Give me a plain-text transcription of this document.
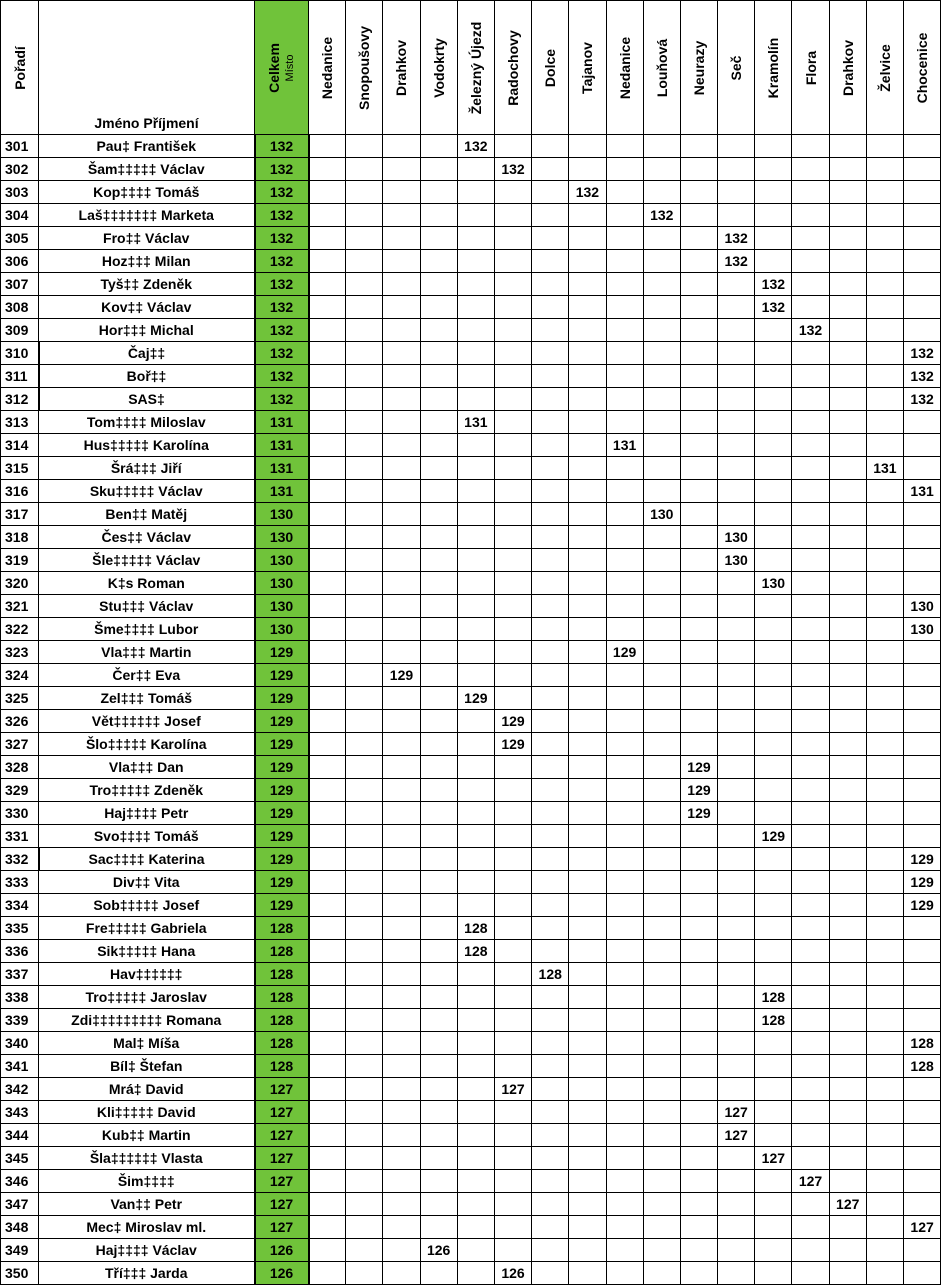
Pořadí	Jméno Příjmení	Celkem Místo	Nedanice	Snopoušovy	Drahkov	Vodokrty	Železný Újezd	Radochovy	Dolce	Tajanov	Nedanice	Louňová	Neurazy	Seč	Kramolín	Flora	Drahkov	Želvice	Chocenice

301	Pau‡ František	132					132												
302	Šam‡‡‡‡‡ Václav	132						132											
303	Kop‡‡‡‡ Tomáš	132								132									
304	Laš‡‡‡‡‡‡‡ Marketa	132										132							
305	Fro‡‡ Václav	132												132					
306	Hoz‡‡‡ Milan	132												132					
307	Tyš‡‡ Zdeněk	132													132				
308	Kov‡‡ Václav	132													132				
309	Hor‡‡‡ Michal	132														132			
310	Čaj‡‡	132																	132
311	Boř‡‡	132																	132
312	SAS‡	132																	132
313	Tom‡‡‡‡ Miloslav	131					131												
314	Hus‡‡‡‡‡ Karolína	131									131								
315	Šrá‡‡‡ Jiří	131																131	
316	Sku‡‡‡‡‡ Václav	131																	131
317	Ben‡‡ Matěj	130										130							
318	Čes‡‡ Václav	130												130					
319	Šle‡‡‡‡‡ Václav	130												130					
320	K‡s Roman	130													130				
321	Stu‡‡‡ Václav	130																	130
322	Šme‡‡‡‡ Lubor	130																	130
323	Vla‡‡‡ Martin	129									129								
324	Čer‡‡ Eva	129			129														
325	Zel‡‡‡ Tomáš	129					129												
326	Vět‡‡‡‡‡‡ Josef	129						129											
327	Šlo‡‡‡‡‡ Karolína	129						129											
328	Vla‡‡‡ Dan	129											129						
329	Tro‡‡‡‡‡ Zdeněk	129											129						
330	Haj‡‡‡‡ Petr	129											129						
331	Svo‡‡‡‡ Tomáš	129													129				
332	Sac‡‡‡‡ Katerina	129																	129
333	Div‡‡ Vita	129																	129
334	Sob‡‡‡‡‡ Josef	129																	129
335	Fre‡‡‡‡‡ Gabriela	128					128												
336	Sik‡‡‡‡‡ Hana	128					128												
337	Hav‡‡‡‡‡‡	128							128										
338	Tro‡‡‡‡‡ Jaroslav	128													128				
339	Zdi‡‡‡‡‡‡‡‡‡ Romana	128													128				
340	Mal‡ Míša	128																	128
341	Bíl‡ Štefan	128																	128
342	Mrá‡ David	127						127											
343	Kli‡‡‡‡‡ David	127												127					
344	Kub‡‡ Martin	127												127					
345	Šla‡‡‡‡‡‡ Vlasta	127													127				
346	Šim‡‡‡‡	127														127			
347	Van‡‡ Petr	127															127		
348	Mec‡ Miroslav ml.	127																	127
349	Haj‡‡‡‡ Václav	126				126													
350	Tří‡‡‡ Jarda	126						126											
